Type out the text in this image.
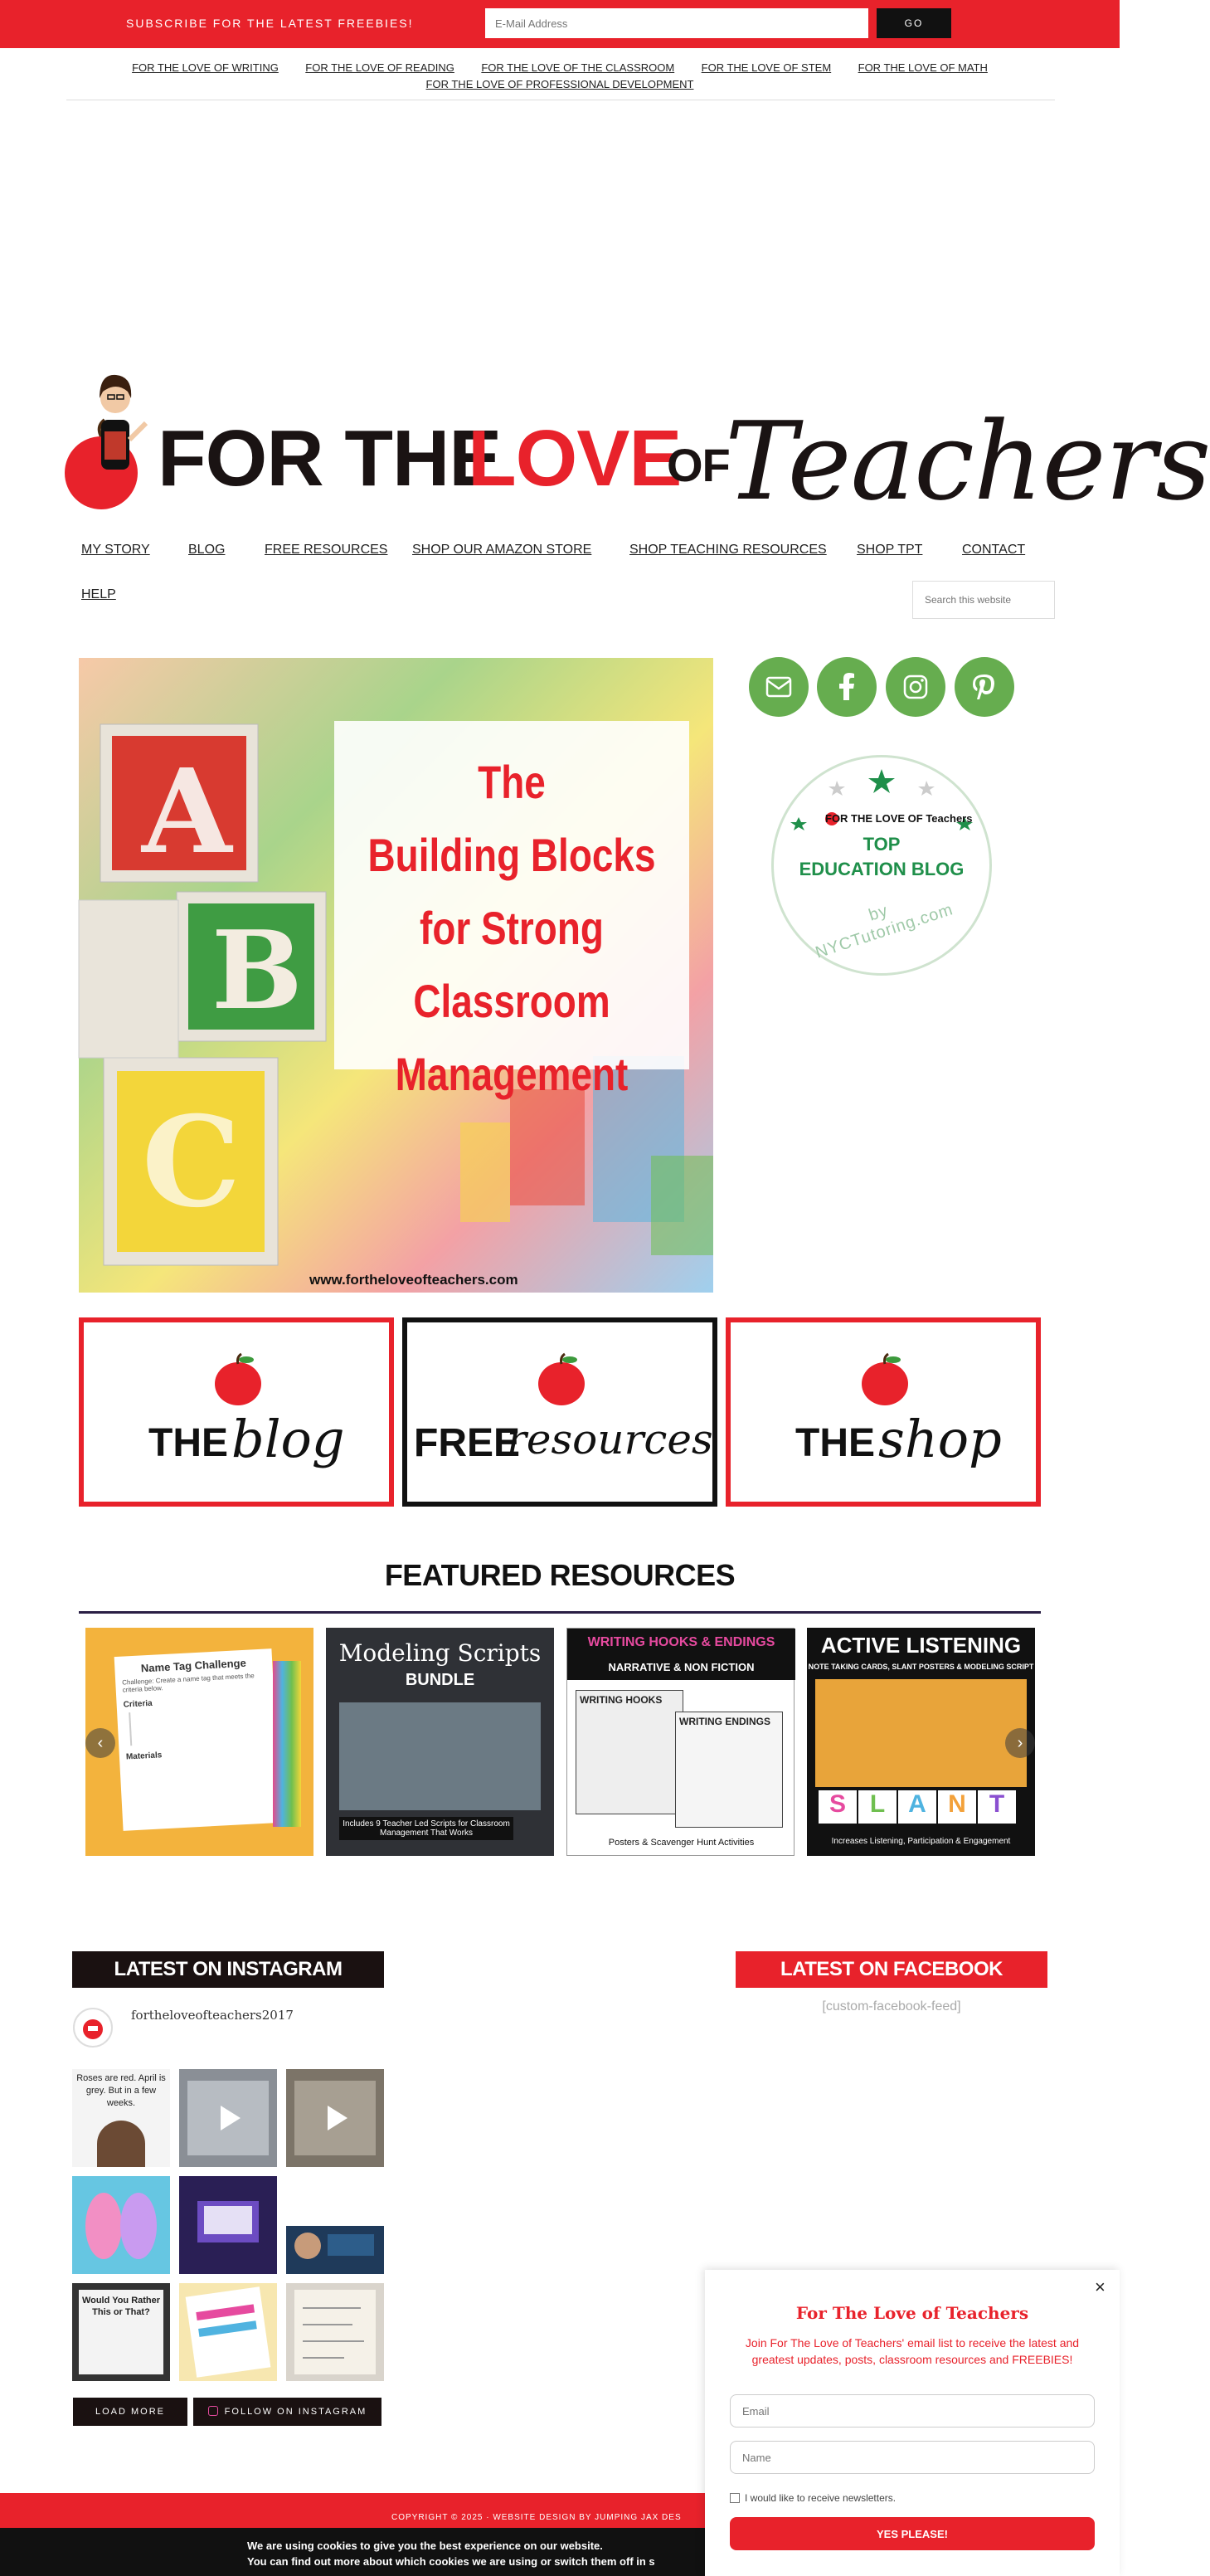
SUBSCRIBE FOR THE LATEST FREEBIES!
E-Mail Address	GO
FOR THE LOVE OF WRITING FOR THE LOVE OF READING FOR THE LOVE OF THE CLASSROOM FOR THE LOVE OF STEM FOR THE LOVE OF MATH
FOR THE LOVE OF PROFESSIONAL DEVELOPMENT
FOR THE
LOVE
OF
Teachers
MY STORY	BLOG	FREE RESOURCES SHOP OUR AMAZON STORE	SHOP TEACHING RESOURCES SHOP TPT	CONTACT
HELP
Search this website
A
B
C
The
Building Blocks
for Strong
Classroom
Management
www.fortheloveofteachers.com
FOR THE LOVE OF Teachers
TOP
EDUCATION BLOG
by NYCTutoring.com
THE blog FREE
resources THE shop
FEATURED RESOURCES
Name Tag Challenge
Challenge: Create a name tag that meets the criteria below.
Criteria
Materials
Modeling Scripts
BUNDLE
Includes 9 Teacher Led Scripts for Classroom Management That Works
WRITING HOOKS & ENDINGS
NARRATIVE & NON FICTION
WRITING HOOKS
WRITING ENDINGS
Posters & Scavenger Hunt Activities
ACTIVE LISTENING
NOTE TAKING CARDS, SLANT POSTERS & MODELING SCRIPT
S L A N T
Increases Listening, Participation & Engagement
‹	›
LATEST ON INSTAGRAM
fortheloveofteachers2017
Roses are red. April is grey. But in a few weeks.
Would You Rather This or That?
LOAD MORE	FOLLOW ON INSTAGRAM
LATEST ON FACEBOOK
[custom-facebook-feed]
COPYRIGHT © 2025 · WEBSITE DESIGN BY JUMPING JAX DES
We are using cookies to give you the best experience on our website.
You can find out more about which cookies we are using or switch them off in s
×
For The Love of Teachers
Join For The Love of Teachers' email list to receive the latest and greatest updates, posts, classroom resources and FREEBIES!
Email
Name
I would like to receive newsletters.
YES PLEASE!
